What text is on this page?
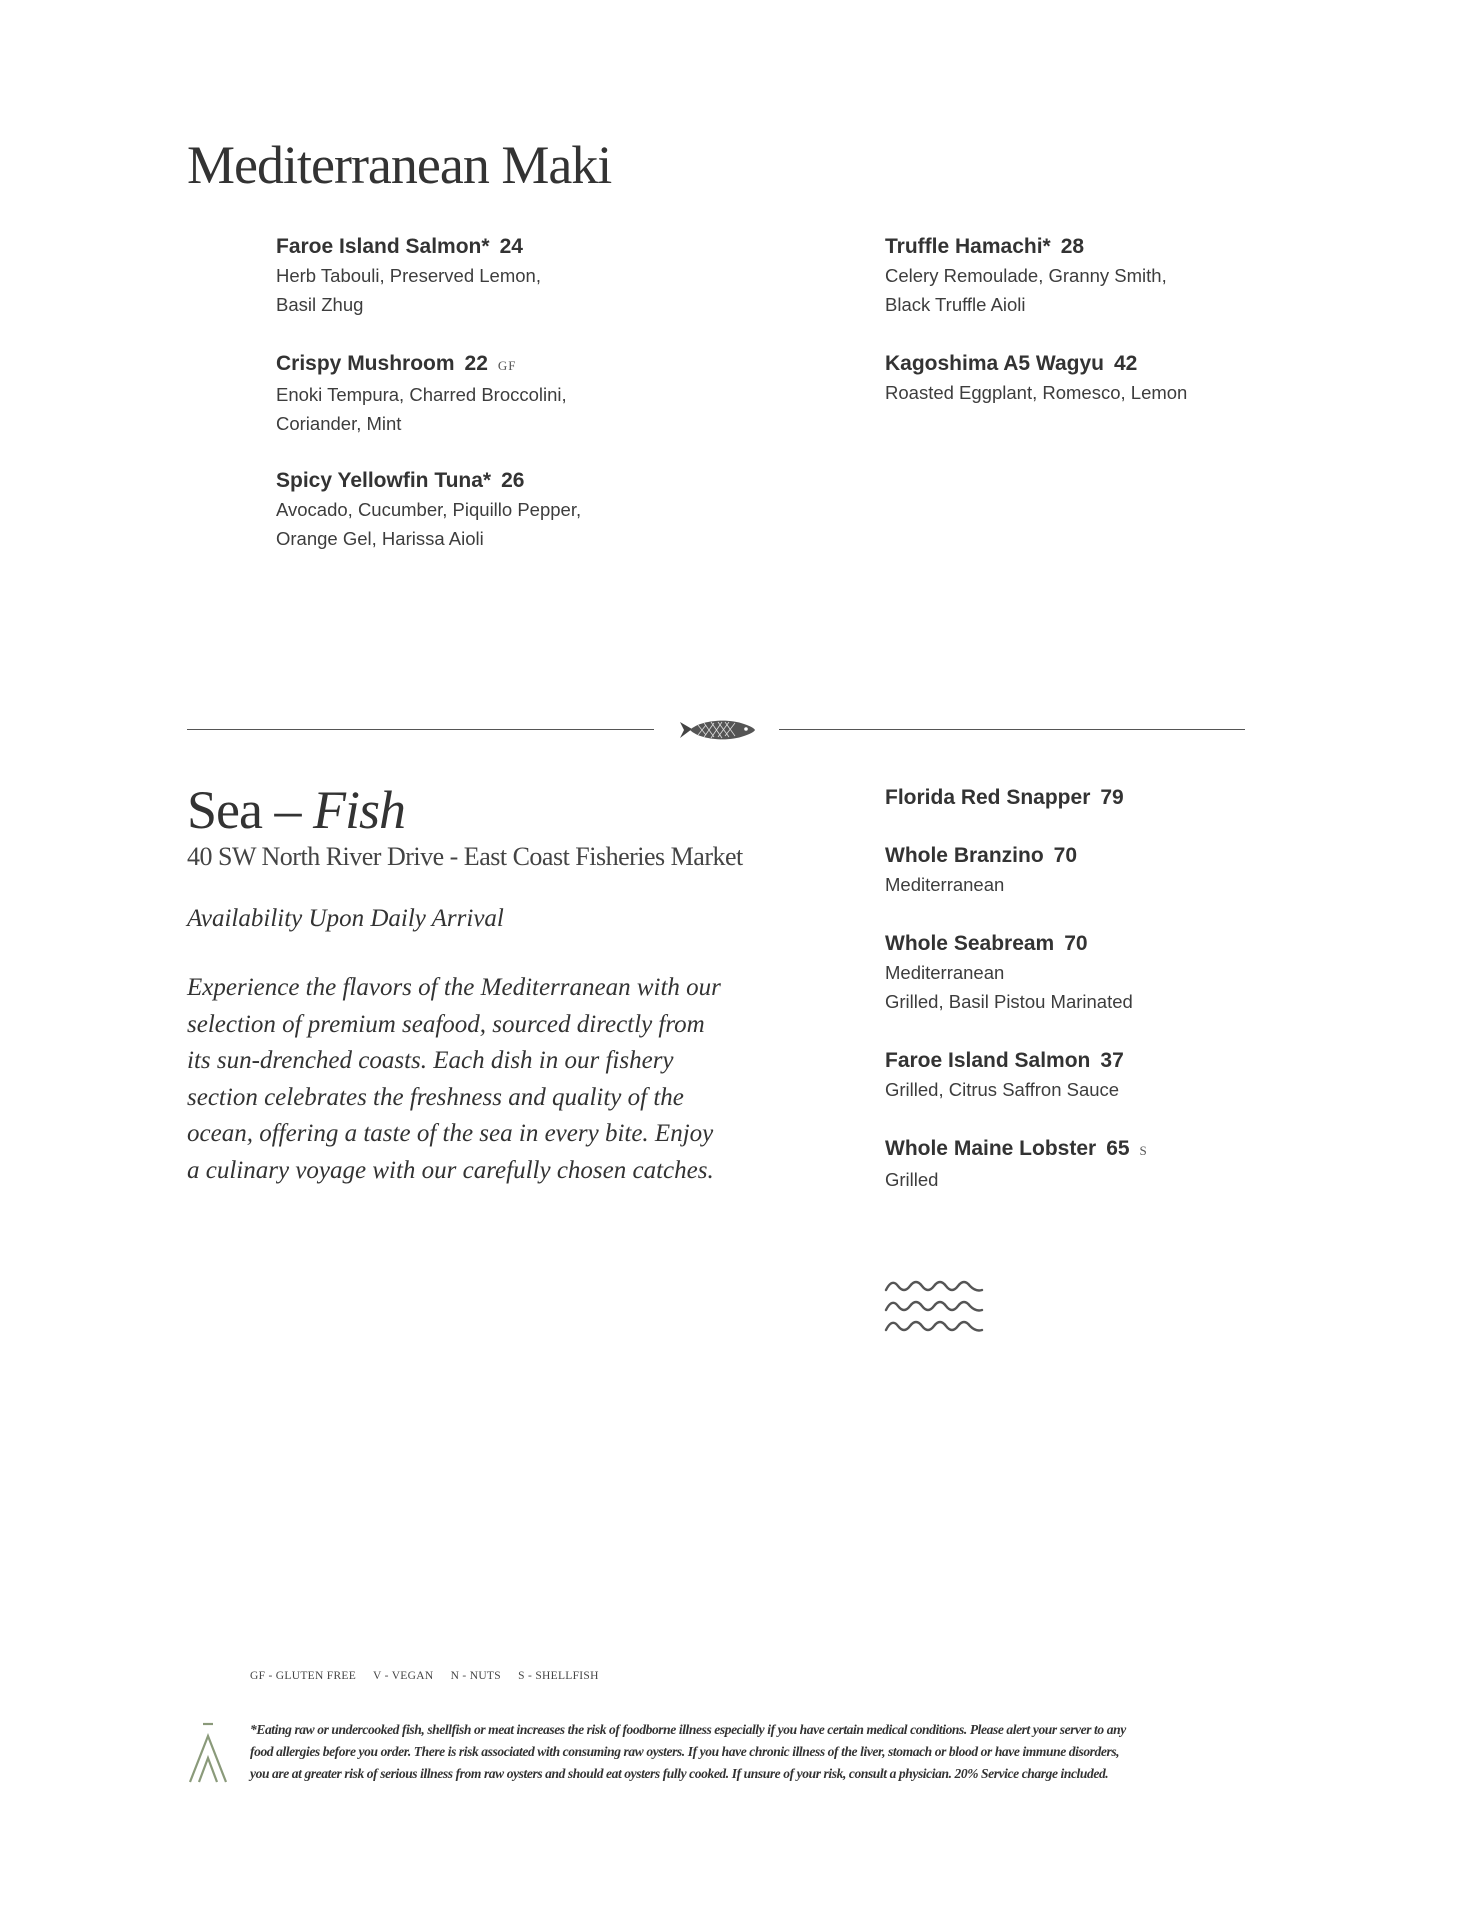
Mediterranean Maki
Faroe Island Salmon* 24
Herb Tabouli, Preserved Lemon,
Basil Zhug
Crispy Mushroom 22 GF
Enoki Tempura, Charred Broccolini,
Coriander, Mint
Spicy Yellowfin Tuna* 26
Avocado, Cucumber, Piquillo Pepper,
Orange Gel, Harissa Aioli
Truffle Hamachi* 28
Celery Remoulade, Granny Smith,
Black Truffle Aioli
Kagoshima A5 Wagyu 42
Roasted Eggplant, Romesco, Lemon
Sea – Fish
40 SW North River Drive - East Coast Fisheries Market
Availability Upon Daily Arrival
Experience the flavors of the Mediterranean with our selection of premium seafood, sourced directly from its sun-drenched coasts. Each dish in our fishery section celebrates the freshness and quality of the ocean, offering a taste of the sea in every bite. Enjoy a culinary voyage with our carefully chosen catches.
Florida Red Snapper 79
Whole Branzino 70
Mediterranean
Whole Seabream 70
Mediterranean
Grilled, Basil Pistou Marinated
Faroe Island Salmon 37
Grilled, Citrus Saffron Sauce
Whole Maine Lobster 65 S
Grilled
GF - GLUTEN FREE V - VEGAN N - NUTS S - SHELLFISH
*Eating raw or undercooked fish, shellfish or meat increases the risk of foodborne illness especially if you have certain medical conditions. Please alert your server to any
food allergies before you order. There is risk associated with consuming raw oysters. If you have chronic illness of the liver, stomach or blood or have immune disorders,
you are at greater risk of serious illness from raw oysters and should eat oysters fully cooked. If unsure of your risk, consult a physician. 20% Service charge included.
